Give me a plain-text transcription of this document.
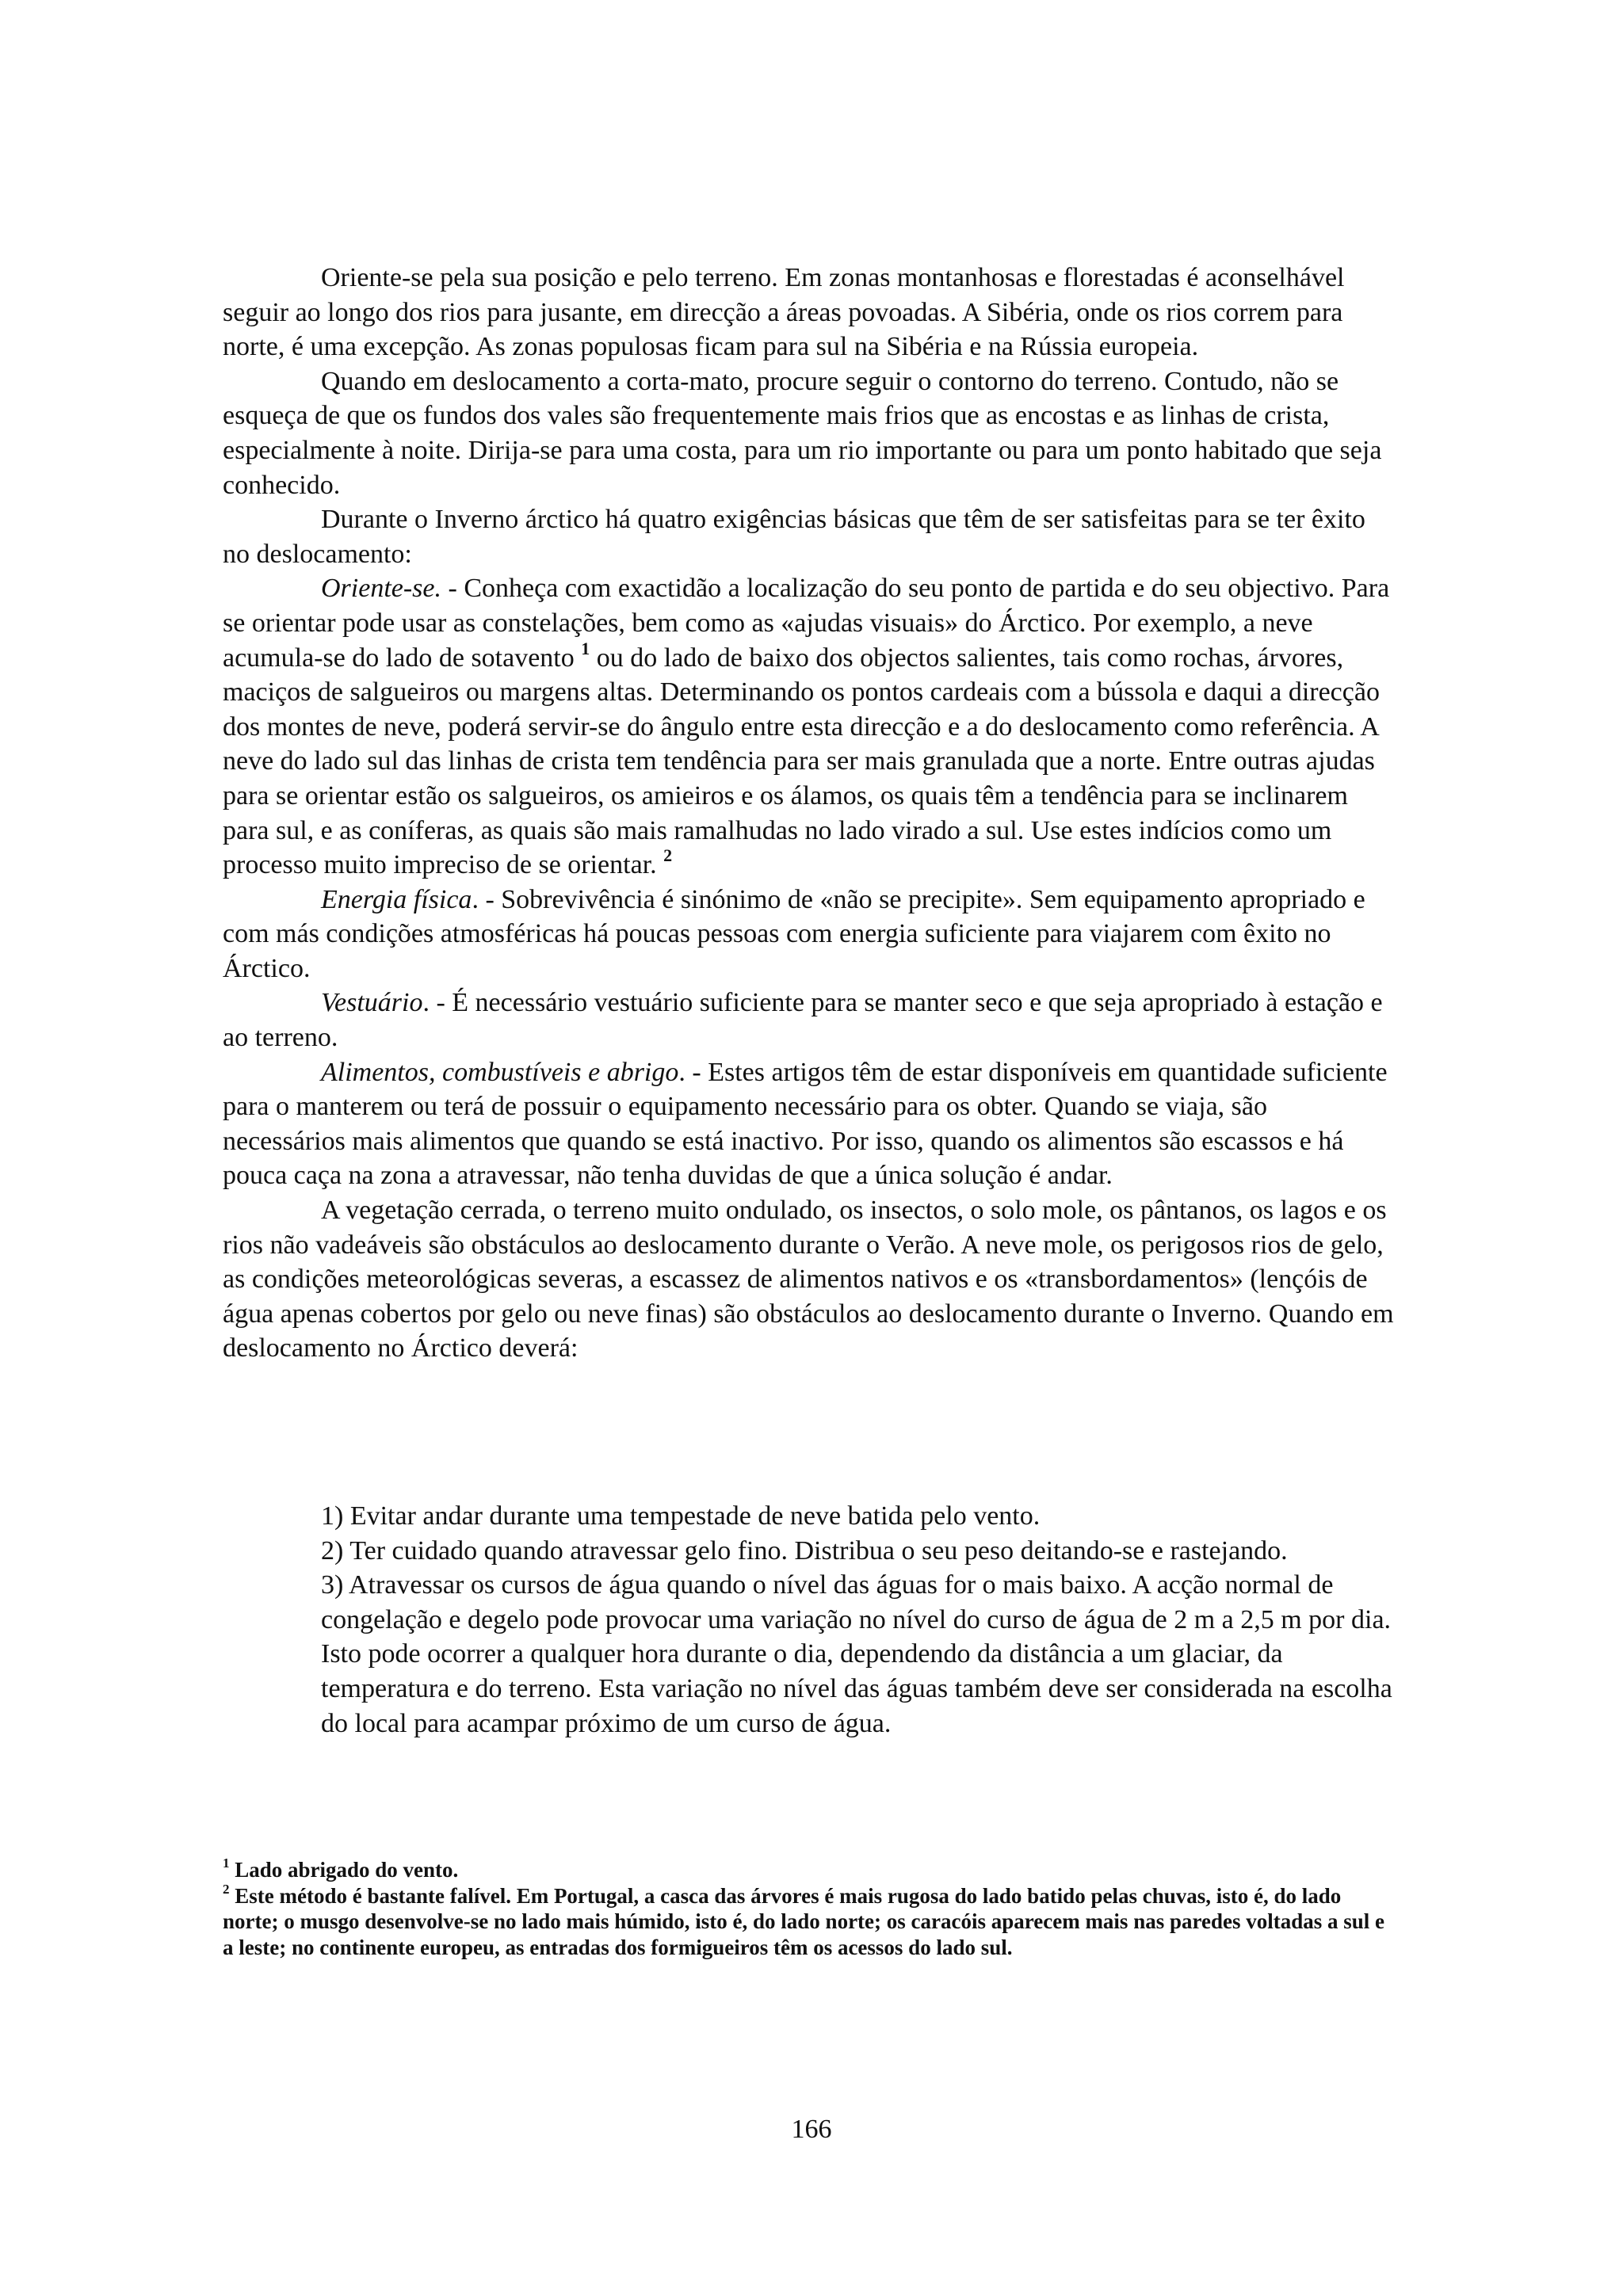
Oriente-se pela sua posição e pelo terreno. Em zonas montanhosas e florestadas é aconselhável seguir ao longo dos rios para jusante, em direcção a áreas povoadas. A Sibéria, onde os rios correm para norte, é uma excepção. As zonas populosas ficam para sul na Sibéria e na Rússia europeia.

Quando em deslocamento a corta-mato, procure seguir o contorno do terreno. Contudo, não se esqueça de que os fundos dos vales são frequentemente mais frios que as encostas e as linhas de crista, especialmente à noite. Dirija-se para uma costa, para um rio importante ou para um ponto habitado que seja conhecido.

Durante o Inverno árctico há quatro exigências básicas que têm de ser satisfeitas para se ter êxito no deslocamento:

Oriente-se. - Conheça com exactidão a localização do seu ponto de partida e do seu objectivo. Para se orientar pode usar as constelações, bem como as «ajudas visuais» do Árctico. Por exemplo, a neve acumula-se do lado de sotavento $^1$ ou do lado de baixo dos objectos salientes, tais como rochas, árvores, maciços de salgueiros ou margens altas. Determinando os pontos cardeais com a bússola e daqui a direcção dos montes de neve, poderá servir-se do ângulo entre esta direcção e a do deslocamento como referência. A neve do lado sul das linhas de crista tem tendência para ser mais granulada que a norte. Entre outras ajudas para se orientar estão os salgueiros, os amieiros e os álamos, os quais têm a tendência para se inclinarem para sul, e as coníferas, as quais são mais ramalhudas no lado virado a sul. Use estes indícios como um processo muito impreciso de se orientar. $^2$

Energia física. - Sobrevivência é sinónimo de «não se precipite». Sem equipamento apropriado e com más condições atmosféricas há poucas pessoas com energia suficiente para viajarem com êxito no Árctico.

Vestuário. - É necessário vestuário suficiente para se manter seco e que seja apropriado à estação e ao terreno.

Alimentos, combustíveis e abrigo. - Estes artigos têm de estar disponíveis em quantidade suficiente para o manterem ou terá de possuir o equipamento necessário para os obter. Quando se viaja, são necessários mais alimentos que quando se está inactivo. Por isso, quando os alimentos são escassos e há pouca caça na zona a atravessar, não tenha duvidas de que a única solução é andar.

A vegetação cerrada, o terreno muito ondulado, os insectos, o solo mole, os pântanos, os lagos e os rios não vadeáveis são obstáculos ao deslocamento durante o Verão. A neve mole, os perigosos rios de gelo, as condições meteorológicas severas, a escassez de alimentos nativos e os «transbordamentos» (lençóis de água apenas cobertos por gelo ou neve finas) são obstáculos ao deslocamento durante o Inverno. Quando em deslocamento no Árctico deverá:

1) Evitar andar durante uma tempestade de neve batida pelo vento.

2) Ter cuidado quando atravessar gelo fino. Distribua o seu peso deitando-se e rastejando.

3) Atravessar os cursos de água quando o nível das águas for o mais baixo. A acção normal de congelação e degelo pode provocar uma variação no nível do curso de água de 2 m a 2,5 m por dia. Isto pode ocorrer a qualquer hora durante o dia, dependendo da distância a um glaciar, da temperatura e do terreno. Esta variação no nível das águas também deve ser considerada na escolha do local para acampar próximo de um curso de água.

$^1$ Lado abrigado do vento.

$^2$ Este método é bastante falível. Em Portugal, a casca das árvores é mais rugosa do lado batido pelas chuvas, isto é, do lado norte; o musgo desenvolve-se no lado mais húmido, isto é, do lado norte; os caracóis aparecem mais nas paredes voltadas a sul e a leste; no continente europeu, as entradas dos formigueiros têm os acessos do lado sul.

166
